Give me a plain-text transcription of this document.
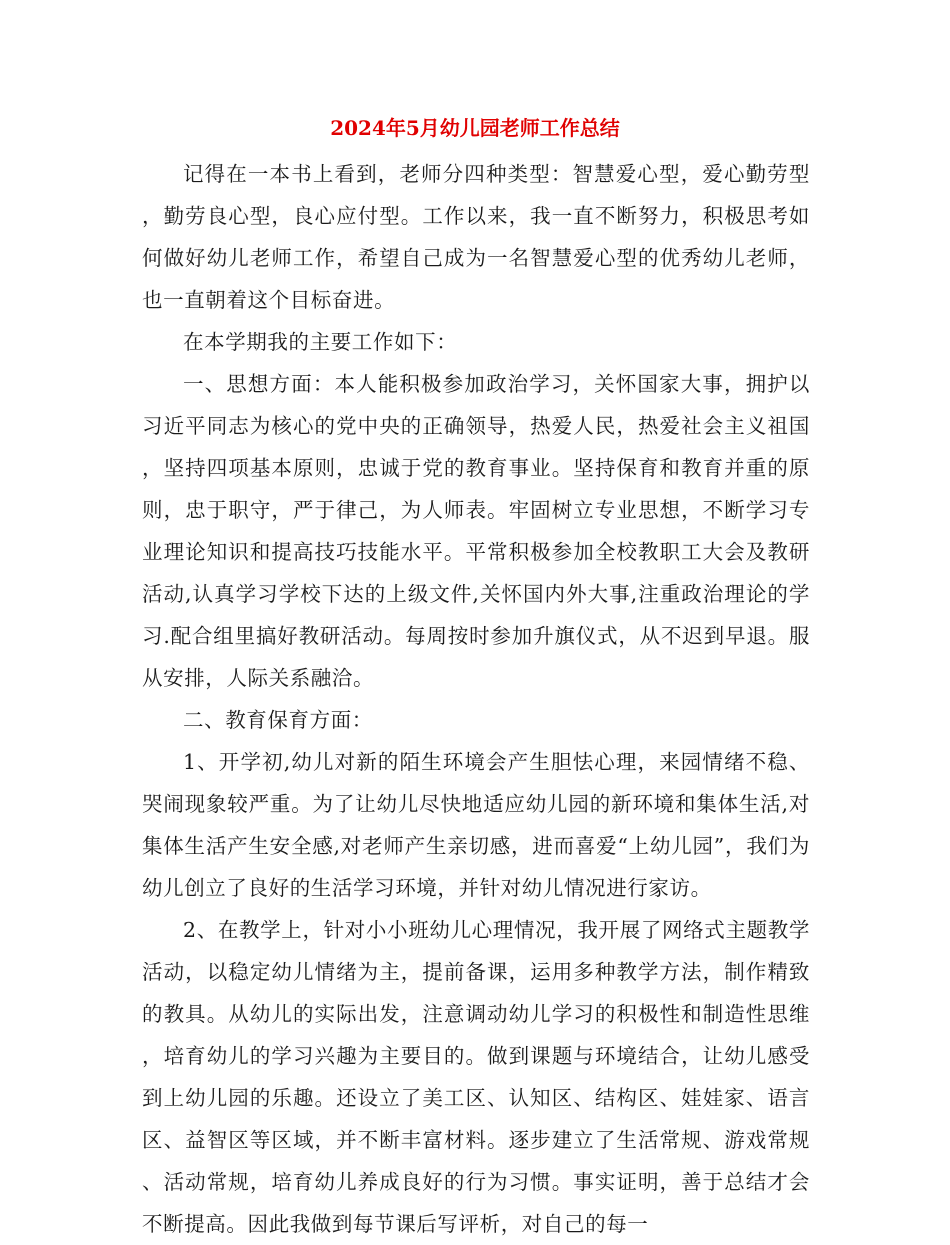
2024年5月幼儿园老师工作总结

记得在一本书上看到，老师分四种类型：智慧爱心型，爱心勤劳型，勤劳良心型，良心应付型。工作以来，我一直不断努力，积极思考如何做好幼儿老师工作，希望自己成为一名智慧爱心型的优秀幼儿老师，也一直朝着这个目标奋进。

在本学期我的主要工作如下：

一、思想方面：本人能积极参加政治学习，关怀国家大事，拥护以习近平同志为核心的党中央的正确领导，热爱人民，热爱社会主义祖国，坚持四项基本原则，忠诚于党的教育事业。坚持保育和教育并重的原则，忠于职守，严于律己，为人师表。牢固树立专业思想，不断学习专业理论知识和提高技巧技能水平。平常积极参加全校教职工大会及教研活动,认真学习学校下达的上级文件,关怀国内外大事,注重政治理论的学习.配合组里搞好教研活动。每周按时参加升旗仪式，从不迟到早退。服从安排，人际关系融洽。

二、教育保育方面：

1、开学初,幼儿对新的陌生环境会产生胆怯心理，来园情绪不稳、哭闹现象较严重。为了让幼儿尽快地适应幼儿园的新环境和集体生活,对集体生活产生安全感,对老师产生亲切感，进而喜爱“上幼儿园”，我们为幼儿创立了良好的生活学习环境，并针对幼儿情况进行家访。

2、在教学上，针对小小班幼儿心理情况，我开展了网络式主题教学活动，以稳定幼儿情绪为主，提前备课，运用多种教学方法，制作精致的教具。从幼儿的实际出发，注意调动幼儿学习的积极性和制造性思维，培育幼儿的学习兴趣为主要目的。做到课题与环境结合，让幼儿感受到上幼儿园的乐趣。还设立了美工区、认知区、结构区、娃娃家、语言区、益智区等区域，并不断丰富材料。逐步建立了生活常规、游戏常规、活动常规，培育幼儿养成良好的行为习惯。事实证明，善于总结才会不断提高。因此我做到每节课后写评析，对自己的每一
